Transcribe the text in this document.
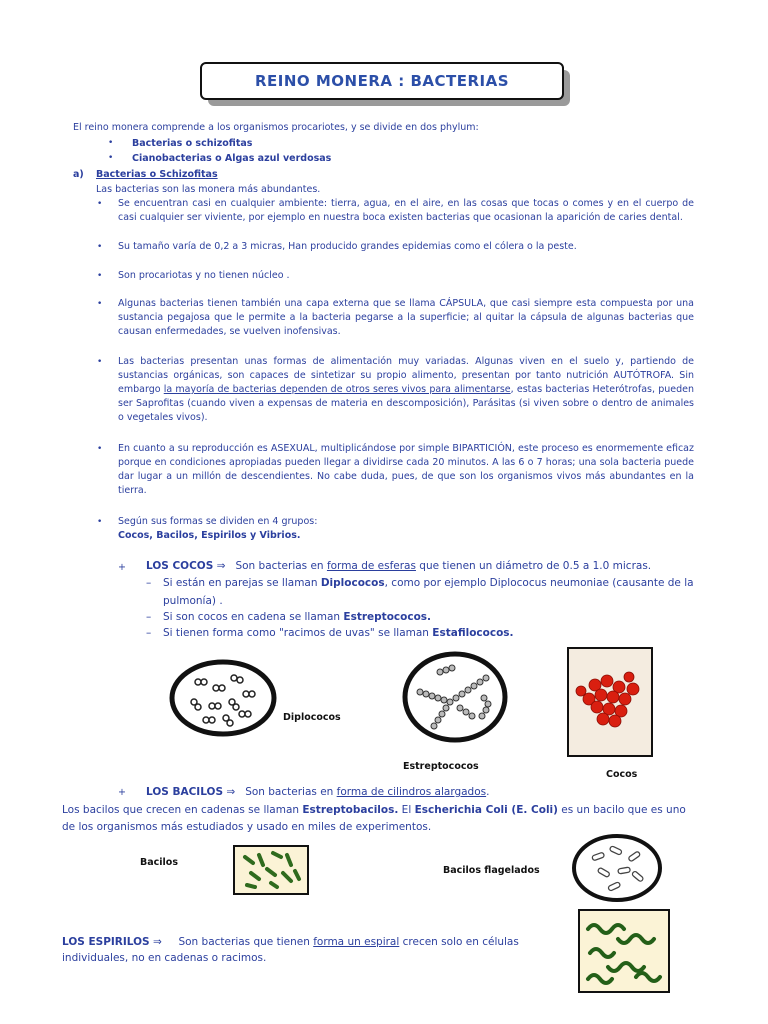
REINO MONERA : BACTERIAS
El reino monera comprende a los organismos procariotes, y se divide en dos phylum:
• Bacterias o schizofitas
• Cianobacterias o Algas azul verdosas
a) Bacterias o Schizofitas
Las bacterias son las monera más abundantes.
• Se encuentran casi en cualquier ambiente: tierra, agua, en el aire, en las cosas que tocas o comes y en el cuerpo de casi cualquier ser viviente, por ejemplo en nuestra boca existen bacterias que ocasionan la aparición de caries dental.
• Su tamaño varía de 0,2 a 3 micras, Han producido grandes epidemias como el cólera o la peste.
• Son procariotas y no tienen núcleo .
• Algunas bacterias tienen también una capa externa que se llama CÁPSULA, que casi siempre esta compuesta por una sustancia pegajosa que le permite a la bacteria pegarse a la superficie; al quitar la cápsula de algunas bacterias que causan enfermedades, se vuelven inofensivas.
• Las bacterias presentan unas formas de alimentación muy variadas. Algunas viven en el suelo y, partiendo de sustancias orgánicas, son capaces de sintetizar su propio alimento, presentan por tanto nutrición AUTÓTROFA. Sin embargo la mayoría de bacterias dependen de otros seres vivos para alimentarse, estas bacterias Heterótrofas, pueden ser Saprofitas (cuando viven a expensas de materia en descomposición), Parásitas (si viven sobre o dentro de animales o vegetales vivos).
• En cuanto a su reproducción es ASEXUAL, multiplicándose por simple BIPARTICIÓN, este proceso es enormemente eficaz porque en condiciones apropiadas pueden llegar a dividirse cada 20 minutos. A las 6 o 7 horas; una sola bacteria puede dar lugar a un millón de descendientes. No cabe duda, pues, de que son los organismos vivos más abundantes en la tierra.
• Según sus formas se dividen en 4 grupos:
Cocos, Bacilos, Espirilos y Vibrios.
+ LOS COCOS ⇒ Son bacterias en forma de esferas que tienen un diámetro de 0.5 a 1.0 micras.
– Si están en parejas se llaman Diplococos, como por ejemplo Diplococus neumoniae (causante de la
pulmonía) .
– Si son cocos en cadena se llaman Estreptococos.
– Si tienen forma como "racimos de uvas" se llaman Estafilococos.
Diplococos
Estreptococos
Cocos
+ LOS BACILOS ⇒ Son bacterias en forma de cilindros alargados.
Los bacilos que crecen en cadenas se llaman Estreptobacilos. El Escherichia Coli (E. Coli) es un bacilo que es uno
de los organismos más estudiados y usado en miles de experimentos.
Bacilos
Bacilos flagelados
LOS ESPIRILOS ⇒ Son bacterias que tienen forma un espiral crecen solo en células
individuales, no en cadenas o racimos.
